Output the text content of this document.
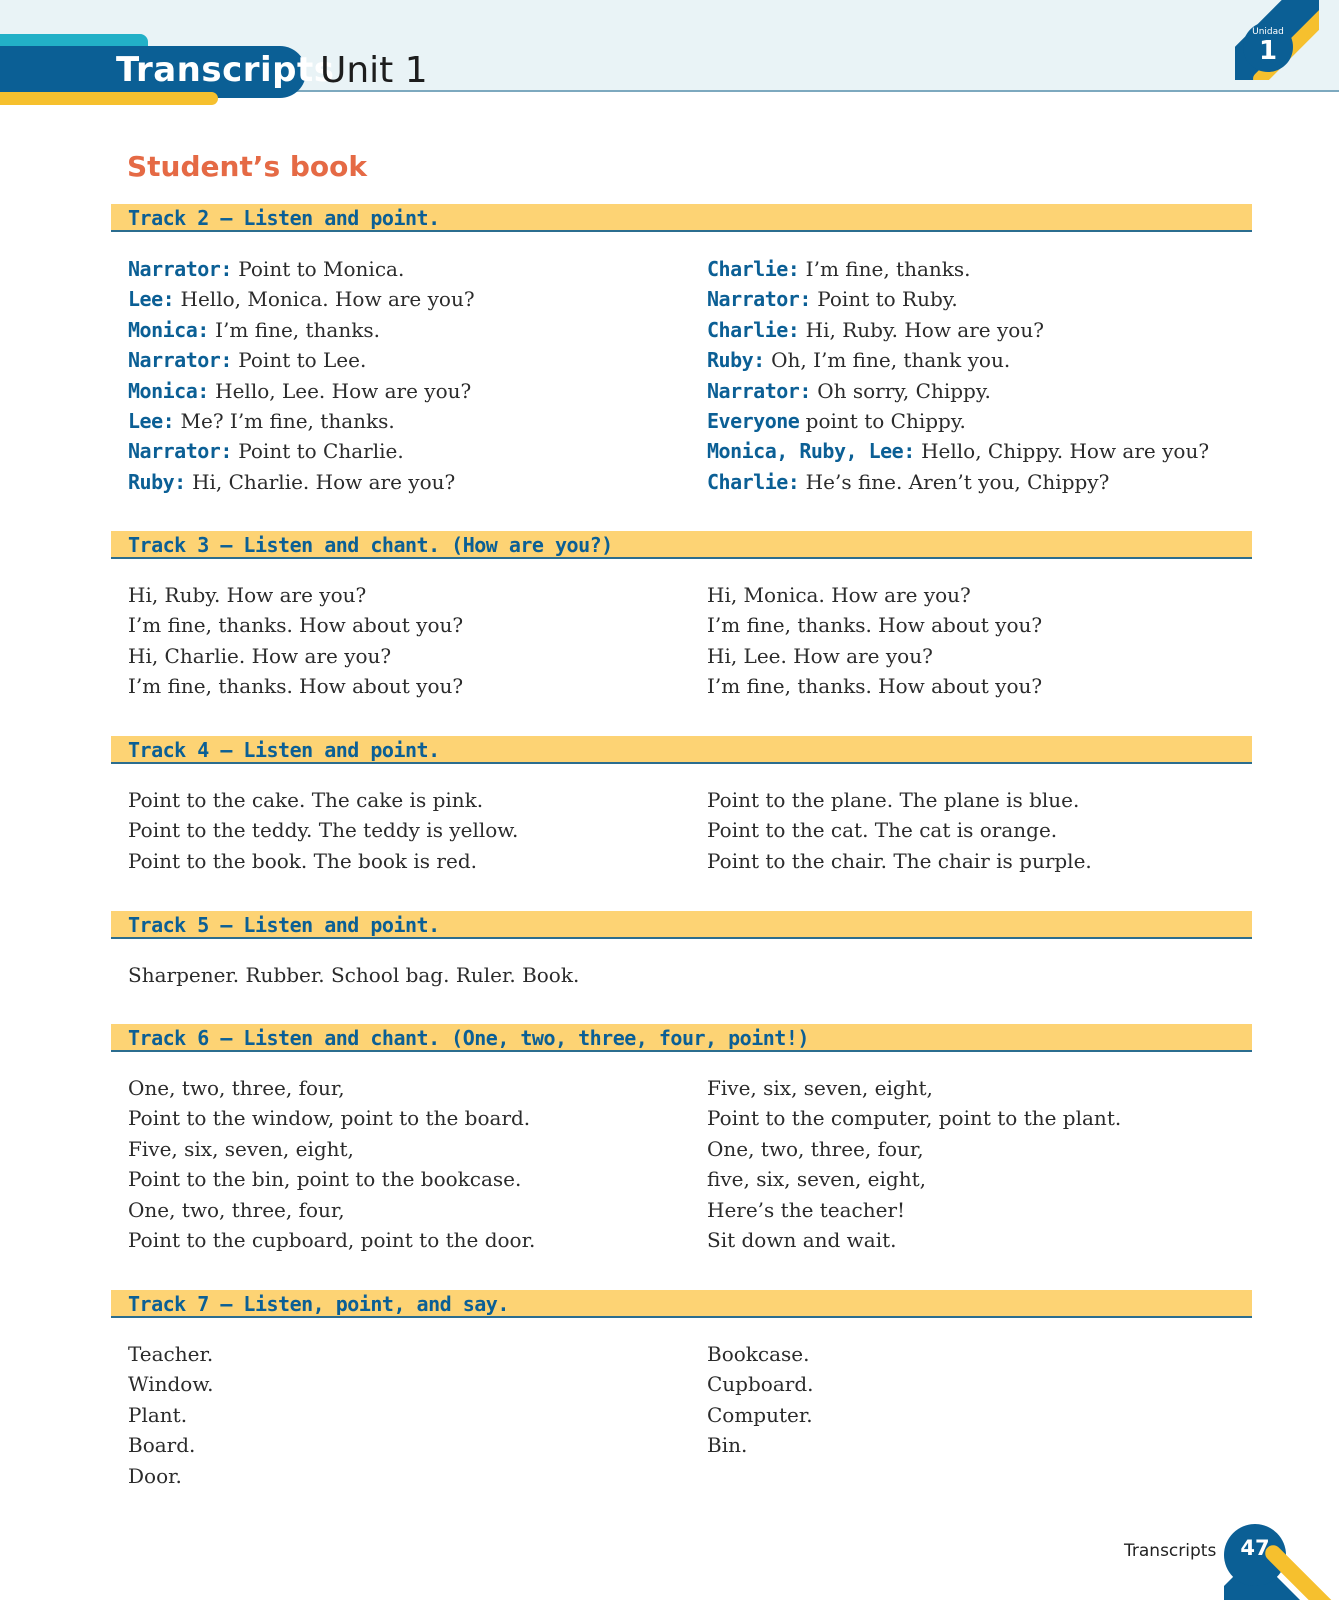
Transcripts
Unit 1
Unidad
1
Student’s book
Track 2 – Listen and point.
Narrator: Point to Monica.
Lee: Hello, Monica. How are you?
Monica: I’m fine, thanks.
Narrator: Point to Lee.
Monica: Hello, Lee. How are you?
Lee: Me? I’m fine, thanks.
Narrator: Point to Charlie.
Ruby: Hi, Charlie. How are you?
Charlie: I’m fine, thanks.
Narrator: Point to Ruby.
Charlie: Hi, Ruby. How are you?
Ruby: Oh, I’m fine, thank you.
Narrator: Oh sorry, Chippy.
Everyone point to Chippy.
Monica, Ruby, Lee: Hello, Chippy. How are you?
Charlie: He’s fine. Aren’t you, Chippy?
Track 3 – Listen and chant. (How are you?)
Hi, Ruby. How are you?
I’m fine, thanks. How about you?
Hi, Charlie. How are you?
I’m fine, thanks. How about you?
Hi, Monica. How are you?
I’m fine, thanks. How about you?
Hi, Lee. How are you?
I’m fine, thanks. How about you?
Track 4 – Listen and point.
Point to the cake. The cake is pink.
Point to the teddy. The teddy is yellow.
Point to the book. The book is red.
Point to the plane. The plane is blue.
Point to the cat. The cat is orange.
Point to the chair. The chair is purple.
Track 5 – Listen and point.
Sharpener. Rubber. School bag. Ruler. Book.
Track 6 – Listen and chant. (One, two, three, four, point!)
One, two, three, four,
Point to the window, point to the board.
Five, six, seven, eight,
Point to the bin, point to the bookcase.
One, two, three, four,
Point to the cupboard, point to the door.
Five, six, seven, eight,
Point to the computer, point to the plant.
One, two, three, four,
five, six, seven, eight,
Here’s the teacher!
Sit down and wait.
Track 7 – Listen, point, and say.
Teacher.
Window.
Plant.
Board.
Door.
Bookcase.
Cupboard.
Computer.
Bin.
Transcripts	47
